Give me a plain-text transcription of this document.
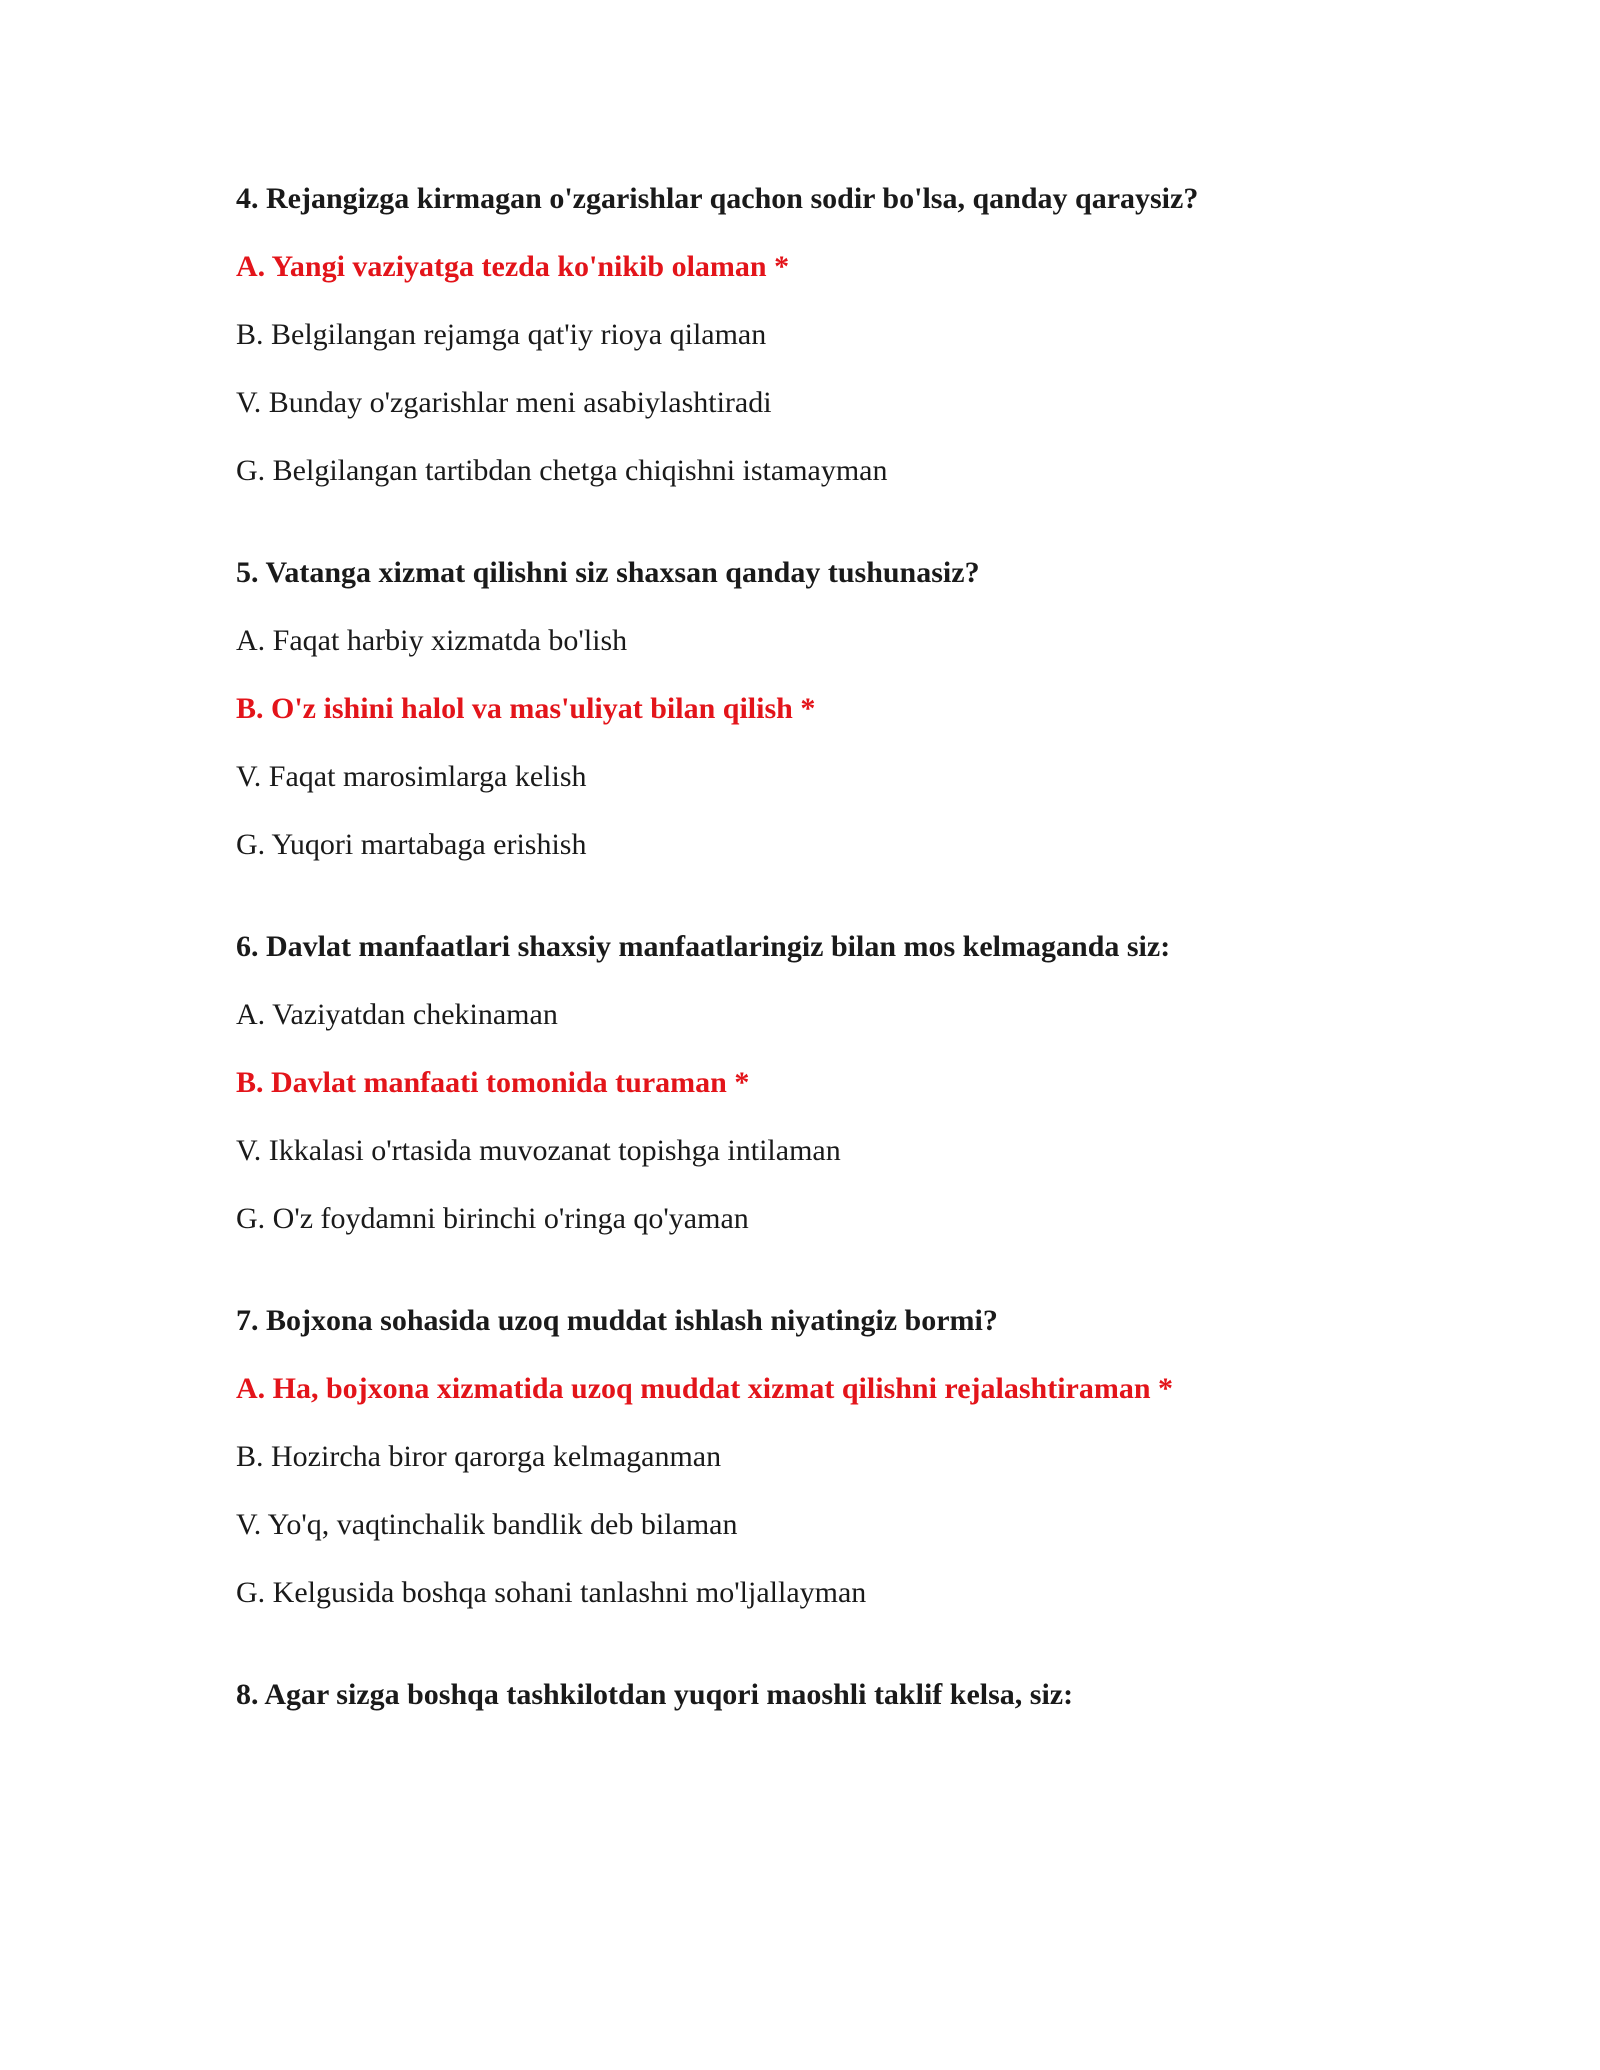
4. Rejangizga kirmagan o'zgarishlar qachon sodir bo'lsa, qanday qaraysiz?
A. Yangi vaziyatga tezda ko'nikib olaman *
B. Belgilangan rejamga qat'iy rioya qilaman
V. Bunday o'zgarishlar meni asabiylashtiradi
G. Belgilangan tartibdan chetga chiqishni istamayman
5. Vatanga xizmat qilishni siz shaxsan qanday tushunasiz?
A. Faqat harbiy xizmatda bo'lish
B. O'z ishini halol va mas'uliyat bilan qilish *
V. Faqat marosimlarga kelish
G. Yuqori martabaga erishish
6. Davlat manfaatlari shaxsiy manfaatlaringiz bilan mos kelmaganda siz:
A. Vaziyatdan chekinaman
B. Davlat manfaati tomonida turaman *
V. Ikkalasi o'rtasida muvozanat topishga intilaman
G. O'z foydamni birinchi o'ringa qo'yaman
7. Bojxona sohasida uzoq muddat ishlash niyatingiz bormi?
A. Ha, bojxona xizmatida uzoq muddat xizmat qilishni rejalashtiraman *
B. Hozircha biror qarorga kelmaganman
V. Yo'q, vaqtinchalik bandlik deb bilaman
G. Kelgusida boshqa sohani tanlashni mo'ljallayman
8. Agar sizga boshqa tashkilotdan yuqori maoshli taklif kelsa, siz:
